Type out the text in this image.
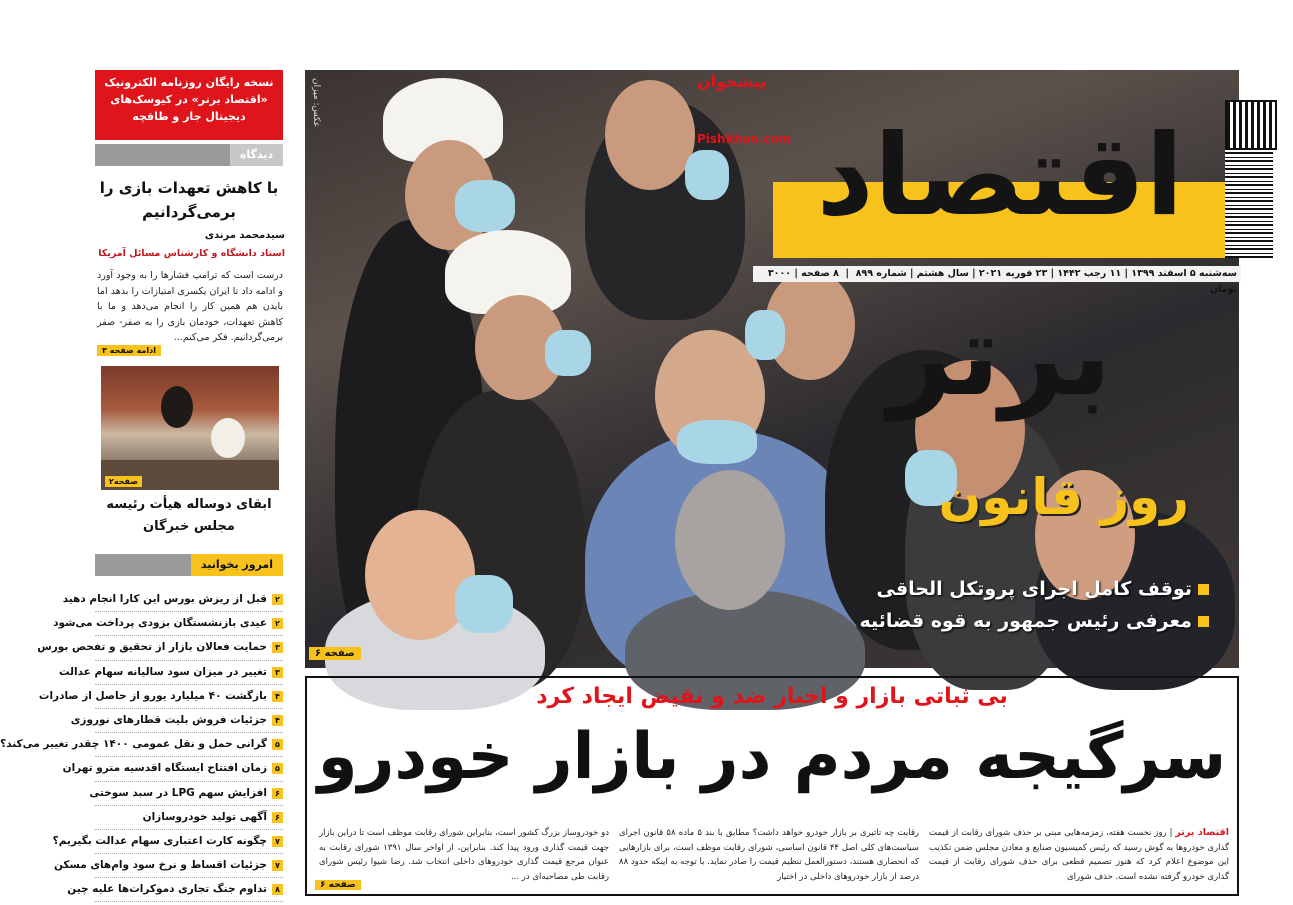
نسخه رایگان روزنامه الکترونیک «اقتصاد برتر» در کیوسک‌های دیجیتال جار و طاقچه
دیدگاه
با کاهش تعهدات بازی را برمی‌گردانیم
سیدمحمد مرندی
استاد دانشگاه و کارشناس مسائل آمریکا
درست است که ترامپ فشارها را به وجود آورد و ادامه داد تا ایران یکسری امتیازات را بدهد اما بایدن هم همین کار را انجام می‌دهد و ما با کاهش تعهدات، خودمان بازی را به صفر- صفر برمی‌گردانیم. فکر می‌کنم...
ادامه صفحه ۳
صفحه۲
ابقای دوساله هیأت رئیسه مجلس خبرگان
امروز بخوانید
۲
قبل از ریزش بورس این کارا انجام دهید
۲
عیدی بازنشستگان بزودی پرداخت می‌شود
۳
حمایت فعالان بازار از تحقیق و تفحص بورس
۳
تغییر در میزان سود سالیانه سهام عدالت
۴
بازگشت ۴۰ میلیارد یورو از حاصل از صادرات
۴
جزئیات فروش بلیت قطارهای نوروزی
۵
گرانی حمل و نقل عمومی ۱۴۰۰ چقدر تغییر می‌کند؟
۵
زمان افتتاح ایستگاه اقدسیه مترو تهران
۶
افزایش سهم LPG در سبد سوختی
۶
آگهی تولید خودروسازان
۷
چگونه کارت اعتباری سهام عدالت بگیریم؟
۷
جزئیات اقساط و نرخ سود وام‌های مسکن
۸
تداوم جنگ تجاری دموکرات‌ها علیه چین
عکس: میزان
اقتصاد برتر
پیشخوان
Pishkhan.com
سه‌شنبه ۵ اسفند ۱۳۹۹ | ۱۱ رجب ۱۴۴۲ | ۲۳ فوریه ۲۰۲۱ | سال هشتم | شماره ۸۹۹  |  ۸ صفحه | ۳۰۰۰ تومان
روز قانون
توقف کامل اجرای پروتکل الحاقی
معرفی رئیس جمهور به قوه قضائیه
صفحه ۶
بی ثباتی بازار و اخبار ضد و نقیض ایجاد کرد
سرگیجه مردم در بازار خودرو
اقتصاد برتر | روز نخست هفته، زمزمه‌هایی مبنی بر حذف شورای رقابت از قیمت گذاری خودروها به گوش رسید که رئیس کمیسیون صنایع و معادن مجلس ضمن تکذیب این موضوع اعلام کرد که هنوز تصمیم قطعی برای حذف شورای رقابت از قیمت گذاری خودرو گرفته نشده است. حذف شورای
رقابت چه تاثیری بر بازار خودرو خواهد داشت؟ مطابق با بند ۵ ماده ۵۸ قانون اجرای سیاست‌های کلی اصل ۴۴ قانون اساسی، شورای رقابت موظف است، برای بازارهایی که انحصاری هستند، دستورالعمل تنظیم قیمت را صادر نماید. با توجه به اینکه حدود ۸۸ درصد از بازار خودروهای داخلی در اختیار
دو خودروساز بزرگ کشور است، بنابراین شورای رقابت موظف است تا دراین بازار جهت قیمت گذاری ورود پیدا کند. بنابراین، از اواخر سال ۱۳۹۱ شورای رقابت به عنوان مرجع قیمت گذاری خودروهای داخلی انتخاب شد. رضا شیوا رئیس شورای رقابت طی مصاحبه‌ای در ...
صفحه ۶
